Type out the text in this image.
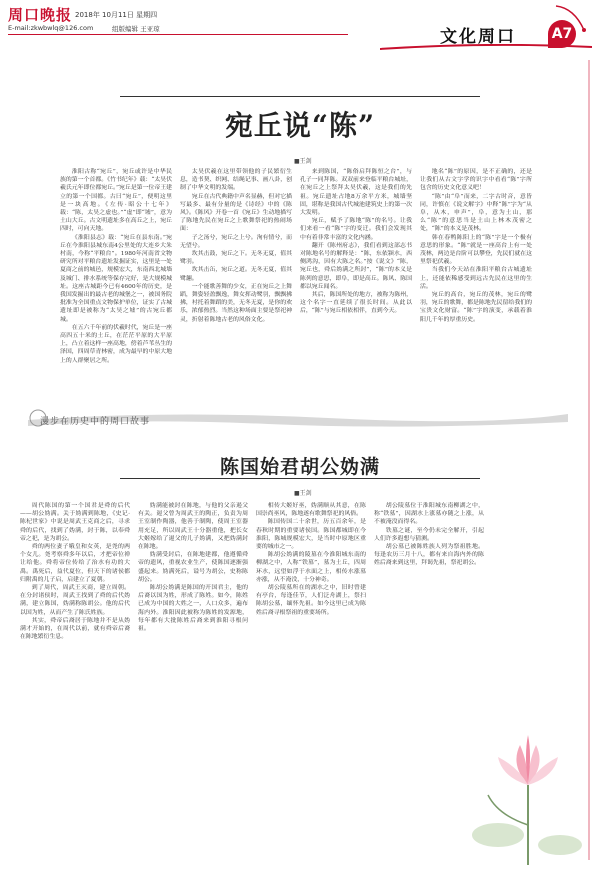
周口晚报 2018年 10月11日 星期四
E-mail:zkwbwlq@126.com	组版编辑 王亚琼	文化周口	A7
宛丘说“陈”
■王剑

淮阳古称“宛丘”，宛丘或许是中华民族的第一个首都。《竹书纪年》载：“太昊伏羲氏元年即位都宛丘。”宛丘是第一位帝王建立的第一个国都。古曰“宛丘”，便明这里是一块高地。《左传·昭公十七年》载：“陈，太昊之虚也。”“虚”即“墟”，意为土山大丘。古文明遗址多在高丘之上，宛丘四时，可向天地。

《淮阳县志》载：“宛丘在县东南。”宛丘在今淮阳县城东南4公里处的大连乡大朱村南，今称“平粮台”。1980年河南省文物研究所对平粮台遗址发掘证实，这里是一处夏商之前的城邑，规模宏大，东南西北城墙及城门、排水系统等保存完好，是大规模城址。这座古城距今已有4600年的历史，是我国发掘出的最古老的城堡之一，被国务院批准为全国重点文物保护单位，证实了古城遗址即是被称为“太昊之墟”的古宛丘都城。

在五六千年前的伏羲时代，宛丘是一座高四五十米的土丘，在茫茫平原的大平原上，凸立着这样一座高地，傍着芦苇丛生的泽国，四周草青林密，成为最早的中原大地上的人群聚居之所。

太昊伏羲在这里带领他的子民繁衍生息，造书契、织网、结绳记事、画八卦，创制了中华文明的发端。

宛丘在古代典籍中声名显赫，但对它描写最多、最有分量的是《诗经》中的《陈风》。《陈风》开卷一首《宛丘》生动地描写了陈地先民在宛丘之上歌舞祭祀的热闹场面：

子之汤兮，宛丘之上兮。洵有情兮，而无望兮。

坎其击鼓，宛丘之下。无冬无夏，值其鹭羽。

坎其击缶，宛丘之道。无冬无夏，值其鹭翿。

一个能歌善舞的少女，正在宛丘之上舞蹈，舞姿轻盈飘逸，舞女挥动鹭羽，飘飘拂拂，衬托着舞蹈的美，无冬无夏，是你的欢乐，浓郁热烈。当然这种场面主要是祭祀神灵，折射着陈地古老的风俗文化。

来到陈国，“陈俗启拜陈恒之台”，与孔子一同拜陈。双双前来登临平粮台城址，在宛丘之上祭拜太昊伏羲，这是我们的先祖。宛丘遗址占地8万余平方米，城墙坚固，堪称是我国古代城池建筑史上的第一次大发明。

宛丘，赋予了陈地“陈”的名号。让我们来看一看“陈”字的变迁。我们会发现其中有着非常丰富的文化内涵。

翻开《陈州府志》，我们看到这部志书对陈地名号的解释是：“陈，东依颍水，西侧鸿沟，因有大陈之名。”按《说文》“陈，宛丘也，舜后妫满之所封”，“陈”的本义是陈列的意思，即阜，即是高丘。陈风、陈国都以宛丘闻名。

其后，陈国所处的地方，被称为陈州，这个名字一直延续了很长时间。从此以后，“陈”与宛丘相依相伴，直到今天。

地名“陈”的原因，是不正确的，还是让我们从古文字学的识字中看看“陈”字所包含的历史文化意义吧！

“陈”由“阜”而来，二字古时音，意皆同，许慎在《说文解字》中释“陈”字为“从阜，从木，申声”，阜，意为土山，那么“陈”的意思当是土山上林木茂密之处，“陈”的本义是茂林。

韩在春鸭陈阳上的“陈”字是一个极有意思的形象。“陈”就是一座高台上有一处茂林，两边是台阶可以攀登，先民们就在这里祭祀伏羲。

当我们今天站在淮阳平粮台古城遗址上，还能依稀感受到远古先民在这里的生活。

宛丘的高台，宛丘的茂林，宛丘的鹭羽，宛丘的歌舞，都是陈地先民留给我们的宝贵文化财富。“陈”字的演变，承载着淮阳几千年的厚重历史。

漫步在历史中的周口故事
陈国始君胡公妫满
■王剑

周代陈国的第一个国君是舜的后代——胡公妫满。关于妫满到陈地，《史记·陈杞世家》中说是周武王克商之后，寻求舜的后代，找到了妫满，封于陈，以奉舜帝之祀，是为胡公。

舜的两位妻子娥皇和女英，是尧的两个女儿。尧考察舜多年以后，才把帝位禅让给他。舜将帝位传给了治水有功的大禹。禹死后，益代夏位，但天下的诸侯都归附禹的儿子启，启建立了夏朝。

到了周代，周武王灭商，建立周朝。在分封诸侯时，周武王找到了舜的后代妫满，建立陈国，妫满称陈胡公。他的后代以国为姓，从而产生了陈氏姓族。

其实，舜帝后裔居于陈地并不是从妫满才开始的，在周代以前，就有舜帝后裔在陈地繁衍生息。

妫满能被封在陈地，与他的父亲遏父有关。遏父曾为周武王的陶正，负责为周王室制作陶器，他善于制陶，使周王室器用充足，所以周武王十分器重他，把长女大姬嫁给了遏父的儿子妫满，又把妫满封在陈地。

妫满受封后，在陈地建都，他遵循舜帝的遗风，重视农业生产，使陈国逐渐强盛起来。妫满死后，谥号为胡公，史称陈胡公。

陈胡公妫满是陈国的开国君主，他的后裔以国为姓，形成了陈姓。如今，陈姓已成为中国的大姓之一，人口众多，遍布海内外。淮阳因此被称为陈姓的发源地，每年都有大批陈姓后裔来到淮阳寻根问祖。

相传大姬好巫，妫满顺从其意，在陈国崇尚巫风，陈地遂有歌舞祭祀的风俗。

陈国传国二十余世，历五百余年，是春秋时期的重要诸侯国。陈国都城即在今淮阳，陈城规模宏大，是当时中原地区重要的城市之一。

陈胡公妫满的陵墓在今淮阳城东南的柳湖之中，人称“铁墓”，墓为土丘，四周环水，远望如浮于水面之上，相传水涨墓亦涨，从不淹没，十分神奇。

胡公陵墓所在的湖水之中，旧时曾建有亭台，每逢佳节，人们泛舟湖上，祭扫陈胡公墓，缅怀先祖。如今这里已成为陈姓后裔寻根祭祖的重要场所。

胡公陵墓位于淮阳城东南柳湖之中，称“铁墓”，因湖水上涨墓亦随之上涨，从不被淹没而得名。

铁墓之谜，至今仍未完全解开，引起人们许多遐想与猜测。

胡公墓已被陈姓族人列为祭祖胜地。每逢农历三月十八，都有来自海内外的陈姓后裔来到这里，拜谒先祖，祭祀胡公。
